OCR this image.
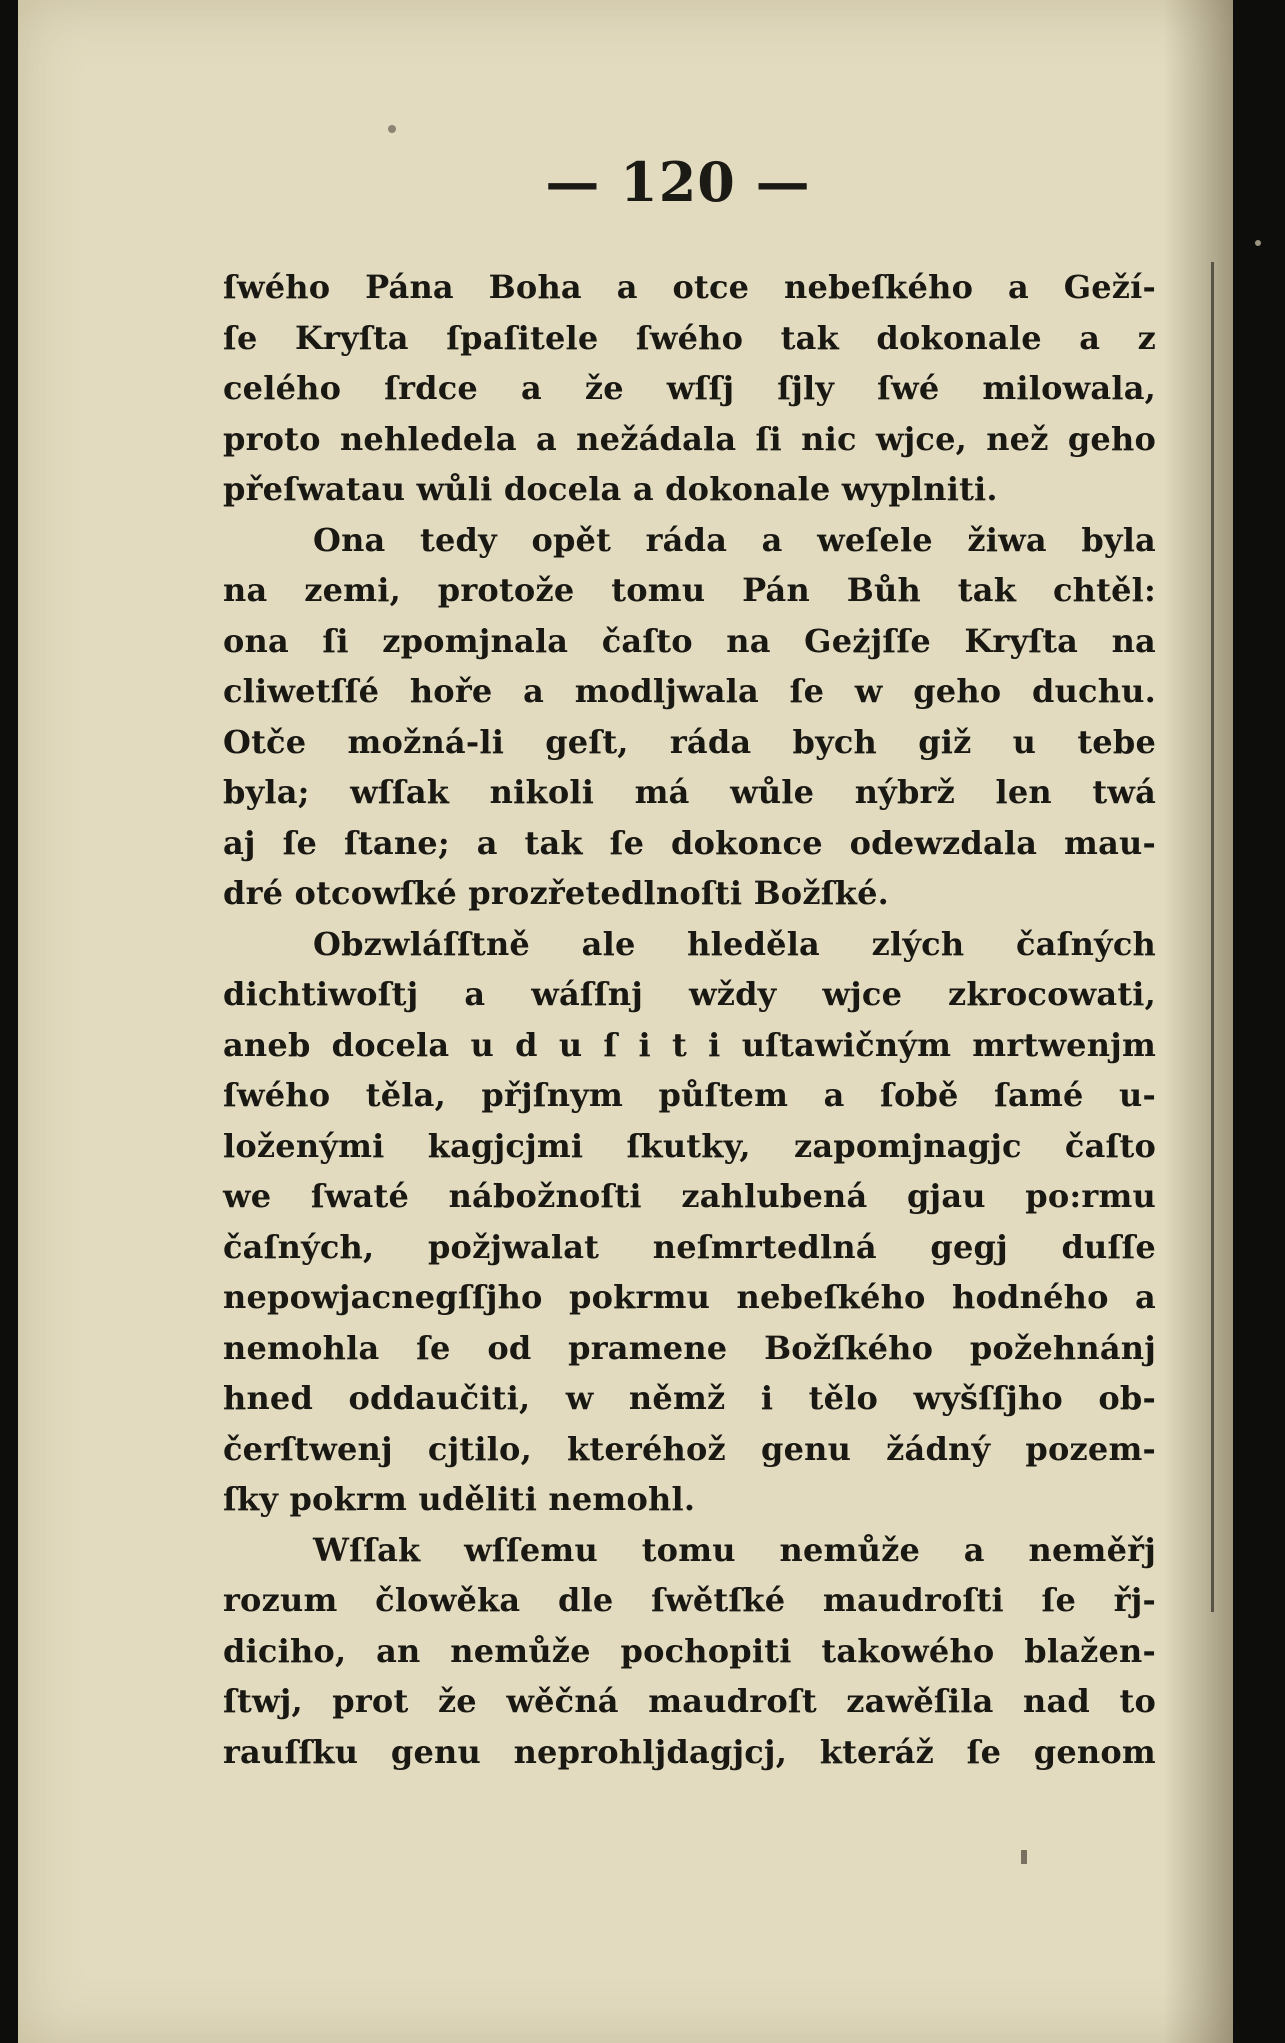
— 120 —
ſwého Pána Boha a otce nebeſkého a Geží-
ſe Kryſta ſpaſitele ſwého tak dokonale a z
celého ſrdce a že wſſj ſjly ſwé milowala,
proto nehledela a nežádala ſi nic wjce, než geho
přeſwatau wůli docela a dokonale wyplniti.
Ona tedy opět ráda a weſele žiwa byla
na zemi, protože tomu Pán Bůh tak chtěl:
ona ſi zpomjnala čaſto na Geżjſſe Kryſta na
cliwetſſé hoře a modljwala ſe w geho duchu.
Otče možná-li geſt, ráda bych giž u tebe
byla; wſſak nikoli má wůle nýbrž len twá
aj ſe ſtane; a tak ſe dokonce odewzdala mau-
dré otcowſké prozřetedlnoſti Božſké.
Obzwláſſtně ale hleděla zlých čaſných
dichtiwoſtj a wáſſnj wždy wjce zkrocowati,
aneb docela u d u ſ i t i uſtawičným mrtwenjm
ſwého těla, přjſnym půſtem a ſobě ſamé u-
loženými kagjcjmi ſkutky, zapomjnagjc čaſto
we ſwaté nábožnoſti zahlubená gjau po:rmu
čaſných, požjwalat neſmrtedlná gegj duſſe
nepowjacnegſſjho pokrmu nebeſkého hodného a
nemohla ſe od pramene Božſkého požehnánj
hned oddaučiti, w němž i tělo wyšſſjho ob-
čerſtwenj cjtilo, kteréhož genu žádný pozem-
ſky pokrm uděliti nemohl.
Wſſak wſſemu tomu nemůže a neměřj
rozum člowěka dle ſwětſké maudroſti ſe řj-
diciho, an nemůže pochopiti takowého blažen-
ſtwj, prot že wěčná maudroſt zawěſila nad to
rauſſku genu neprohljdagjcj, kteráž ſe genom
